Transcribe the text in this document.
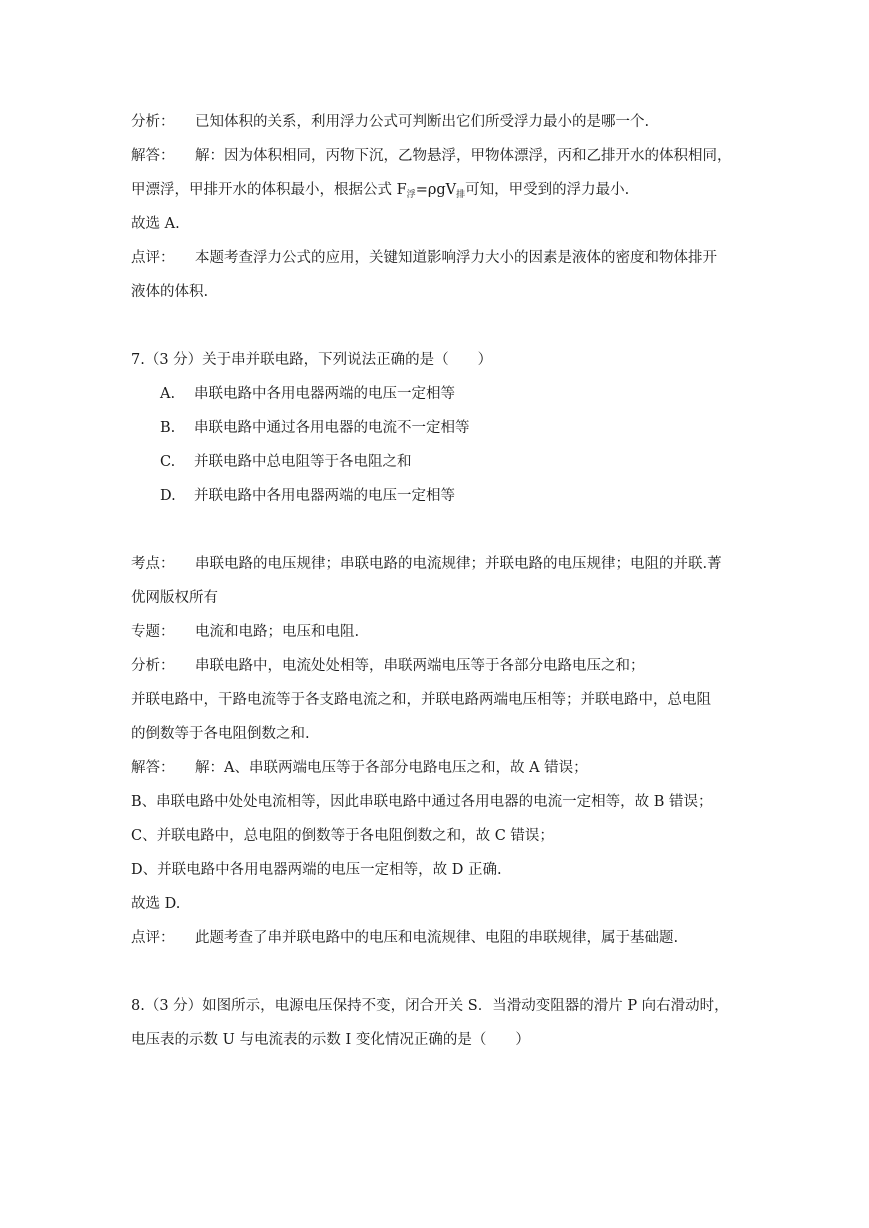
分析： 已知体积的关系，利用浮力公式可判断出它们所受浮力最小的是哪一个.
解答： 解：因为体积相同，丙物下沉，乙物悬浮，甲物体漂浮，丙和乙排开水的体积相同，
甲漂浮，甲排开水的体积最小，根据公式 $F_浮=\rho gV_排$可知，甲受到的浮力最小.
故选 A.
点评： 本题考查浮力公式的应用，关键知道影响浮力大小的因素是液体的密度和物体排开
液体的体积.
7.（3 分）关于串并联电路，下列说法正确的是（　　）
A. 串联电路中各用电器两端的电压一定相等
B. 串联电路中通过各用电器的电流不一定相等
C. 并联电路中总电阻等于各电阻之和
D. 并联电路中各用电器两端的电压一定相等
考点： 串联电路的电压规律；串联电路的电流规律；并联电路的电压规律；电阻的并联.菁
优网版权所有
专题： 电流和电路；电压和电阻.
分析： 串联电路中，电流处处相等，串联两端电压等于各部分电路电压之和；
并联电路中，干路电流等于各支路电流之和，并联电路两端电压相等；并联电路中，总电阻
的倒数等于各电阻倒数之和.
解答： 解：A、串联两端电压等于各部分电路电压之和，故 A 错误；
B、串联电路中处处电流相等，因此串联电路中通过各用电器的电流一定相等，故 B 错误；
C、并联电路中，总电阻的倒数等于各电阻倒数之和，故 C 错误；
D、并联电路中各用电器两端的电压一定相等，故 D 正确.
故选 D.
点评： 此题考查了串并联电路中的电压和电流规律、电阻的串联规律，属于基础题.
8.（3 分）如图所示，电源电压保持不变，闭合开关 S．当滑动变阻器的滑片 P 向右滑动时，
电压表的示数 U 与电流表的示数 I 变化情况正确的是（　　）
